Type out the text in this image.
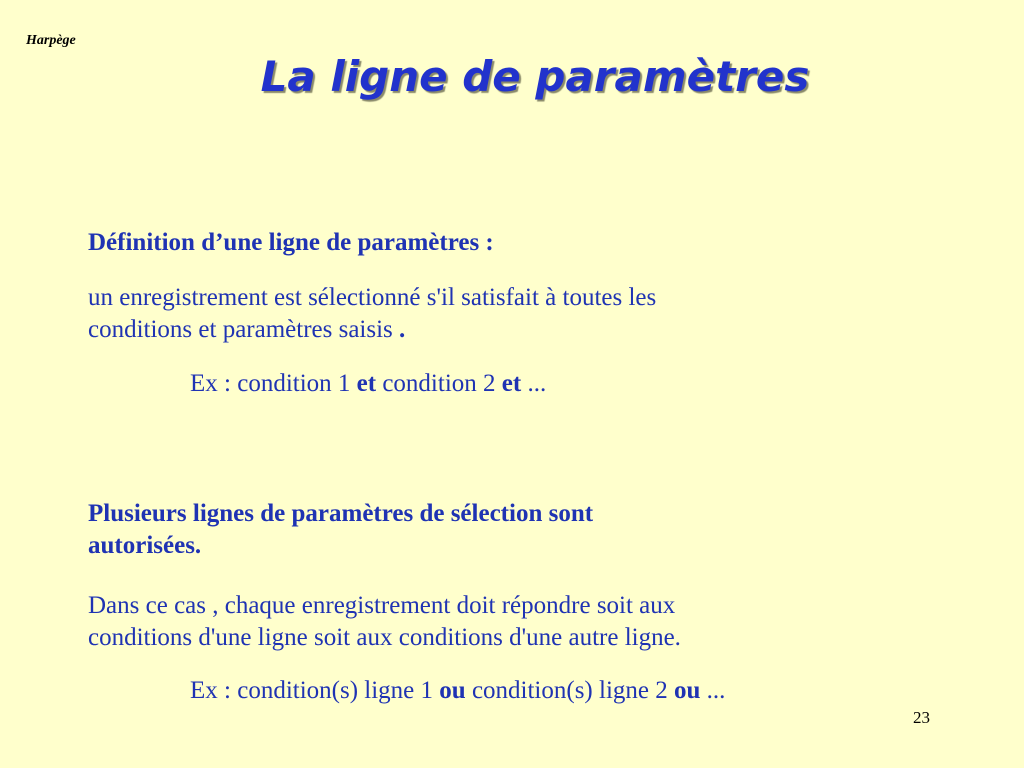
Harpège
La ligne de paramètres

Définition d’une ligne de paramètres :

un enregistrement est sélectionné s'il satisfait à toutes les

conditions et paramètres saisis .

Ex : condition 1 et condition 2 et ...

Plusieurs lignes de paramètres de sélection sont

autorisées.

Dans ce cas , chaque enregistrement doit répondre soit aux

conditions d'une ligne soit aux conditions d'une autre ligne.

Ex : condition(s) ligne 1 ou condition(s) ligne 2 ou ...
23
